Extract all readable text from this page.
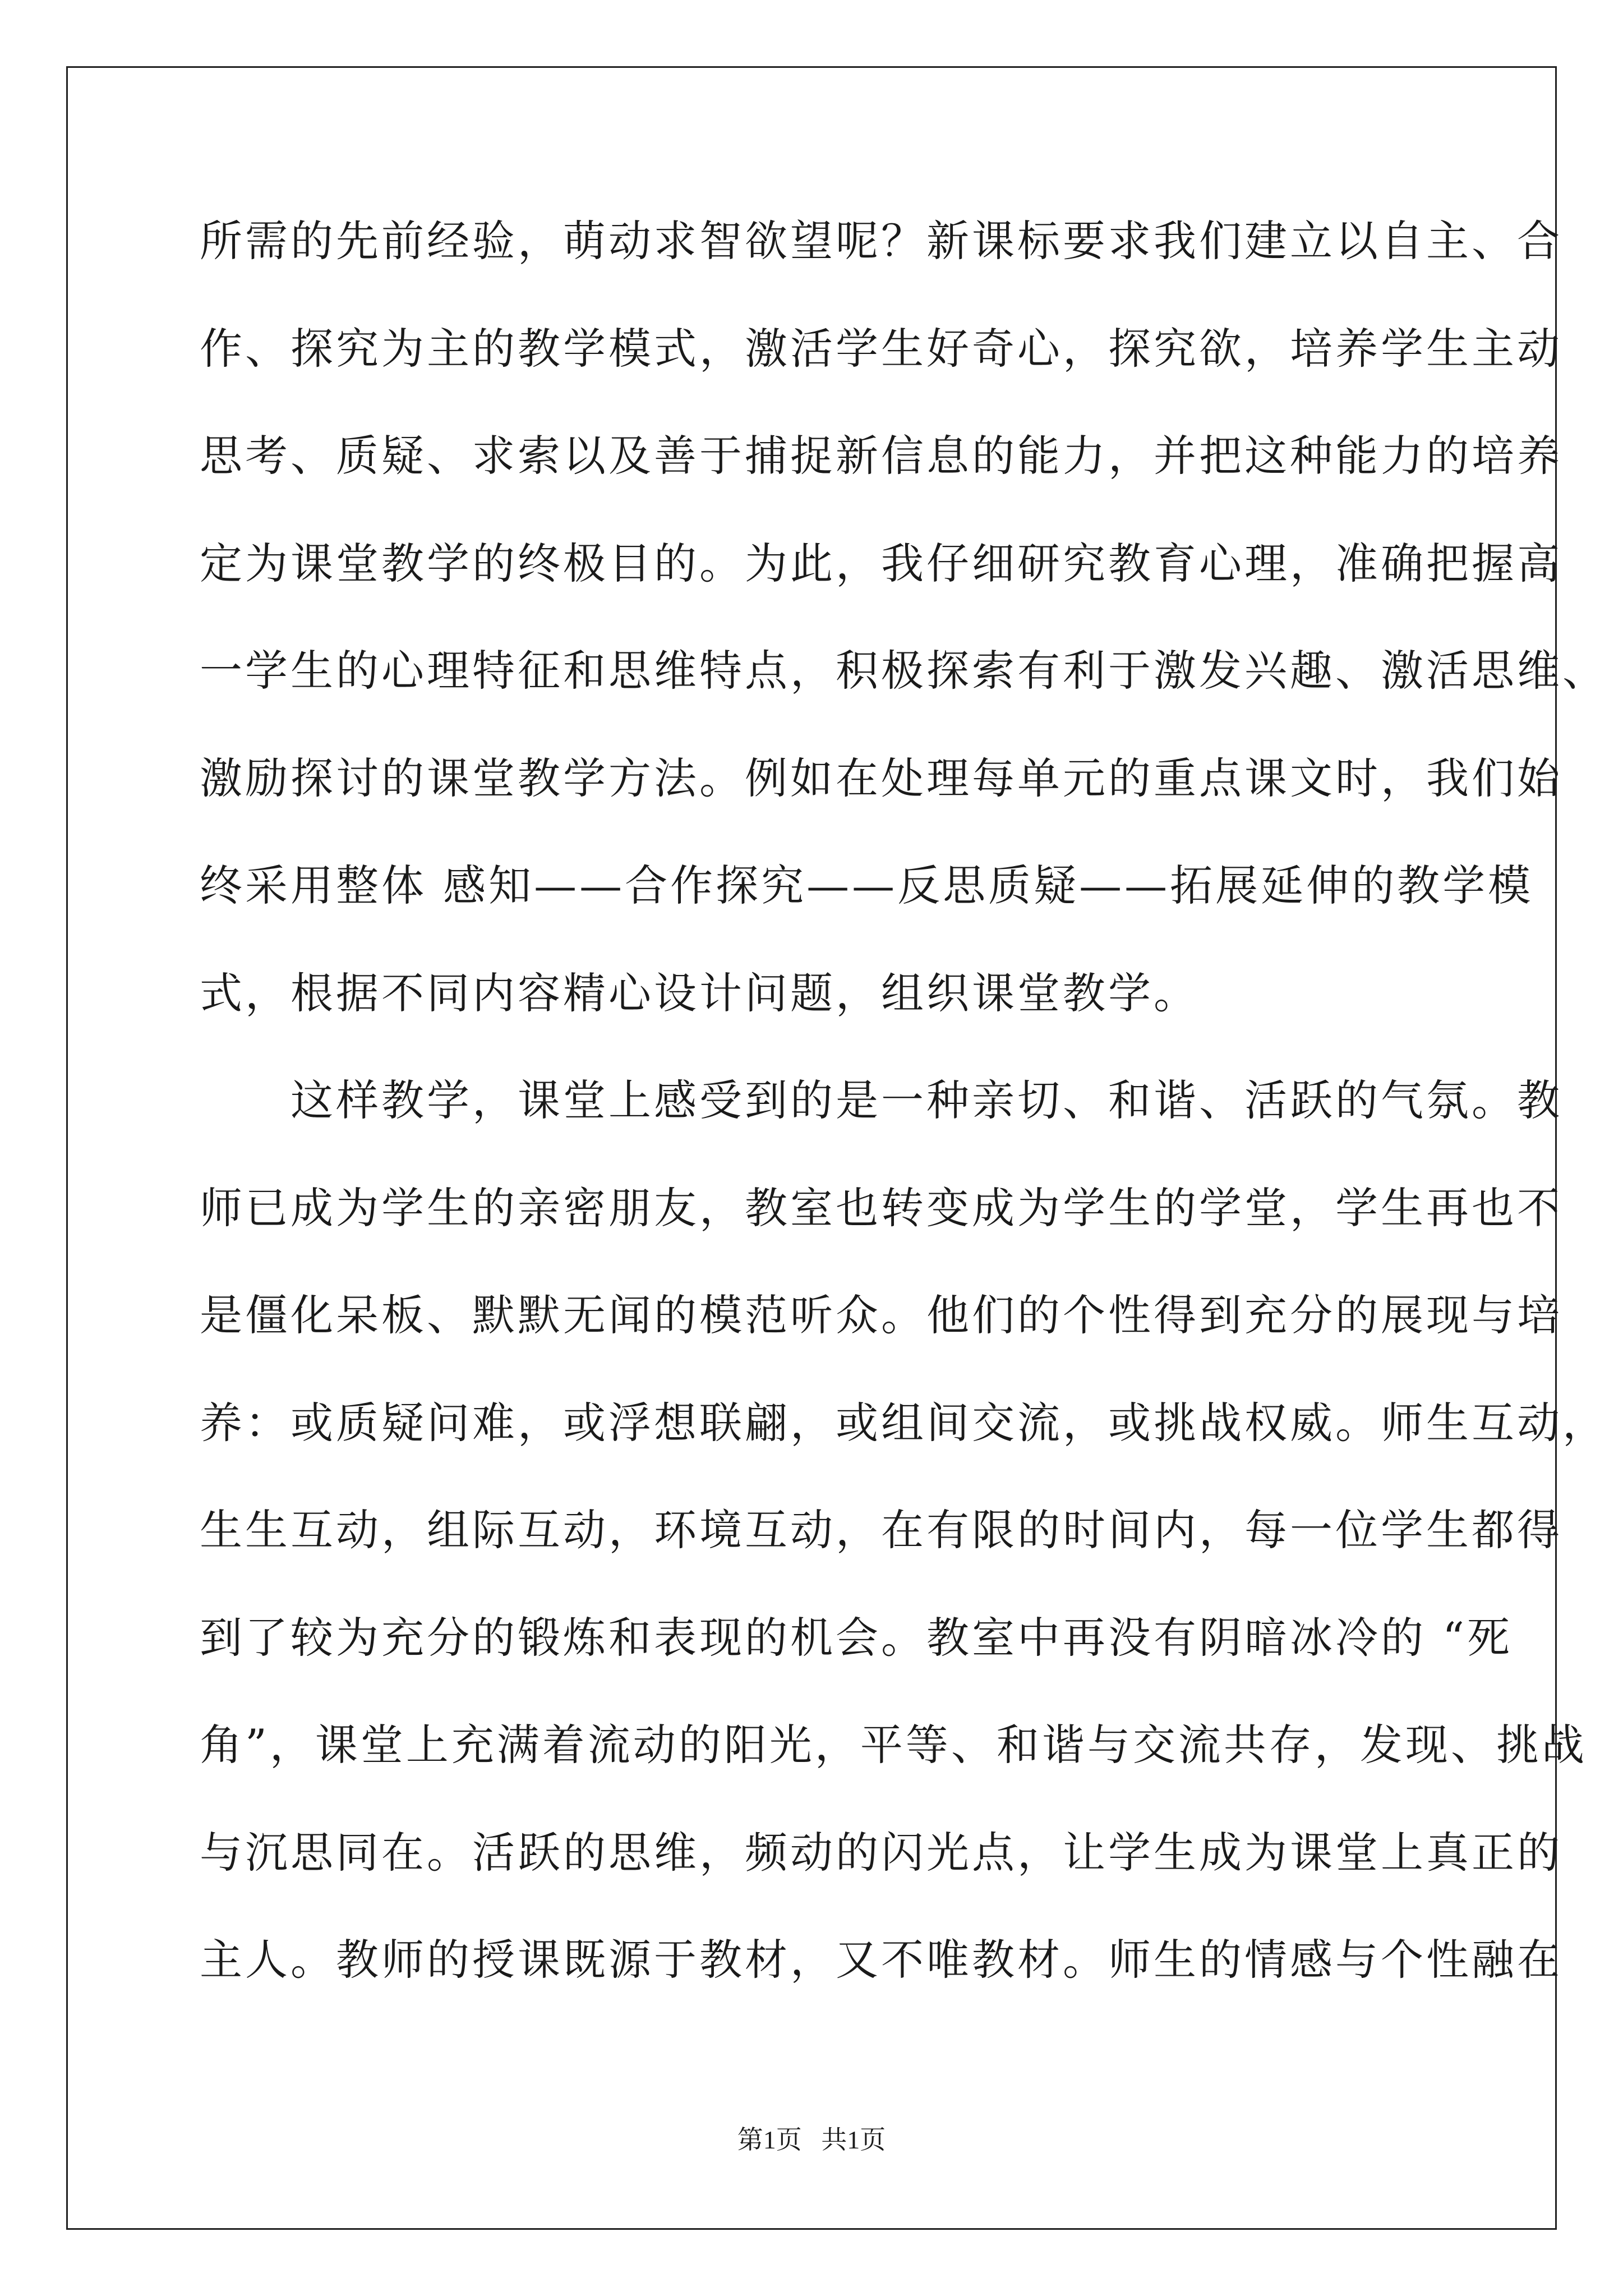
所需的先前经验，萌动求智欲望呢？新课标要求我们建立以自主、合
作、探究为主的教学模式，激活学生好奇心，探究欲，培养学生主动
思考、质疑、求索以及善于捕捉新信息的能力，并把这种能力的培养
定为课堂教学的终极目的。为此，我仔细研究教育心理，准确把握高
一学生的心理特征和思维特点，积极探索有利于激发兴趣、激活思维、
激励探讨的课堂教学方法。例如在处理每单元的重点课文时，我们始
终采用整体 感知——合作探究——反思质疑——拓展延伸的教学模
式，根据不同内容精心设计问题，组织课堂教学。
　　这样教学，课堂上感受到的是一种亲切、和谐、活跃的气氛。教
师已成为学生的亲密朋友，教室也转变成为学生的学堂，学生再也不
是僵化呆板、默默无闻的模范听众。他们的个性得到充分的展现与培
养：或质疑问难，或浮想联翩，或组间交流，或挑战权威。师生互动，
生生互动，组际互动，环境互动，在有限的时间内，每一位学生都得
到了较为充分的锻炼和表现的机会。教室中再没有阴暗冰冷的 “死
角”，课堂上充满着流动的阳光，平等、和谐与交流共存，发现、挑战
与沉思同在。活跃的思维，频动的闪光点，让学生成为课堂上真正的
主人。教师的授课既源于教材，又不唯教材。师生的情感与个性融在
第1页   共1页
